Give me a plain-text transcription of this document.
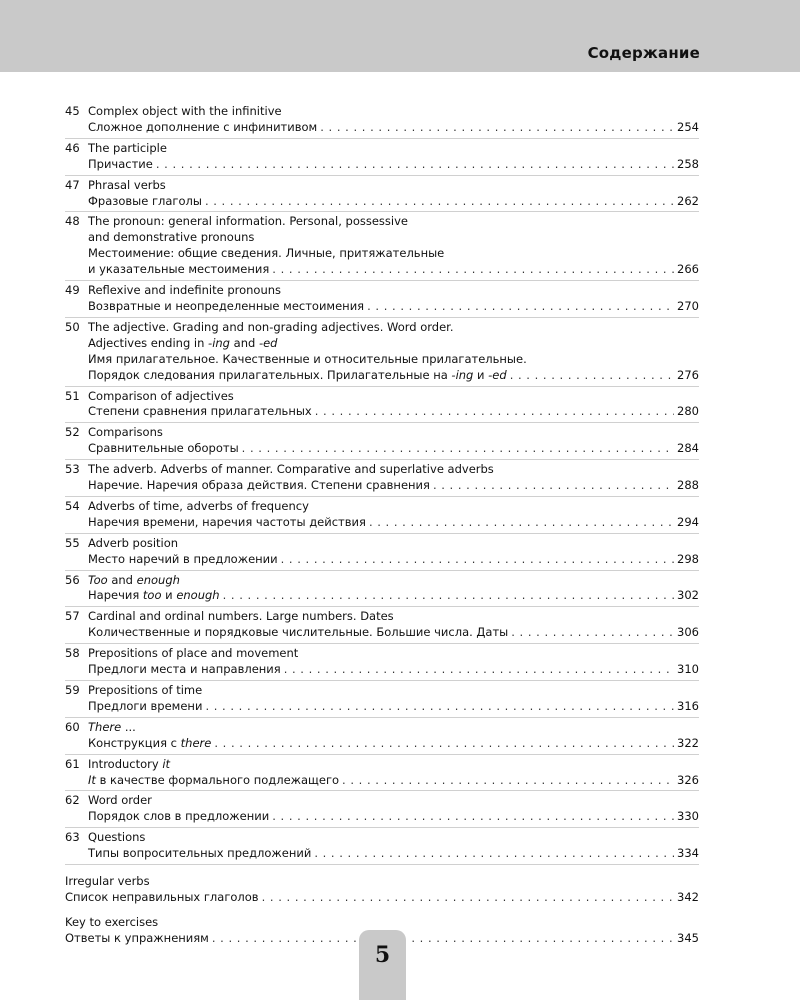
Содержание
45 Complex object with the infinitive
Сложное дополнение с инфинитивом . . .	254
46 The participle
Причастие . . .	258
47 Phrasal verbs
Фразовые глаголы . . .	262
48 The pronoun: general information. Personal, possessive
and demonstrative pronouns
Местоимение: общие сведения. Личные, притяжательные
и указательные местоимения . . .	266
49 Reflexive and indefinite pronouns
Возвратные и неопределенные местоимения . . .	270
50 The adjective. Grading and non-grading adjectives. Word order.
Adjectives ending in -ing and -ed
Имя прилагательное. Качественные и относительные прилагательные.
Порядок следования прилагательных. Прилагательные на -ing и -ed . . .	276
51 Comparison of adjectives
Степени сравнения прилагательных . . .	280
52 Comparisons
Сравнительные обороты . . .	284
53 The adverb. Adverbs of manner. Comparative and superlative adverbs
Наречие. Наречия образа действия. Степени сравнения . . .	288
54 Adverbs of time, adverbs of frequency
Наречия времени, наречия частоты действия . . .	294
55 Adverb position
Место наречий в предложении . . .	298
56 Too and enough
Наречия too и enough . . .	302
57 Cardinal and ordinal numbers. Large numbers. Dates
Количественные и порядковые числительные. Большие числа. Даты . . .	306
58 Prepositions of place and movement
Предлоги места и направления . . .	310
59 Prepositions of time
Предлоги времени . . .	316
60 There ...
Конструкция с there . . .	322
61 Introductory it
It в качестве формального подлежащего . . .	326
62 Word order
Порядок слов в предложении . . .	330
63 Questions
Типы вопросительных предложений . . .	334
Irregular verbs
Список неправильных глаголов . . .	342
Key to exercises
Ответы к упражнениям . . .	345
5
